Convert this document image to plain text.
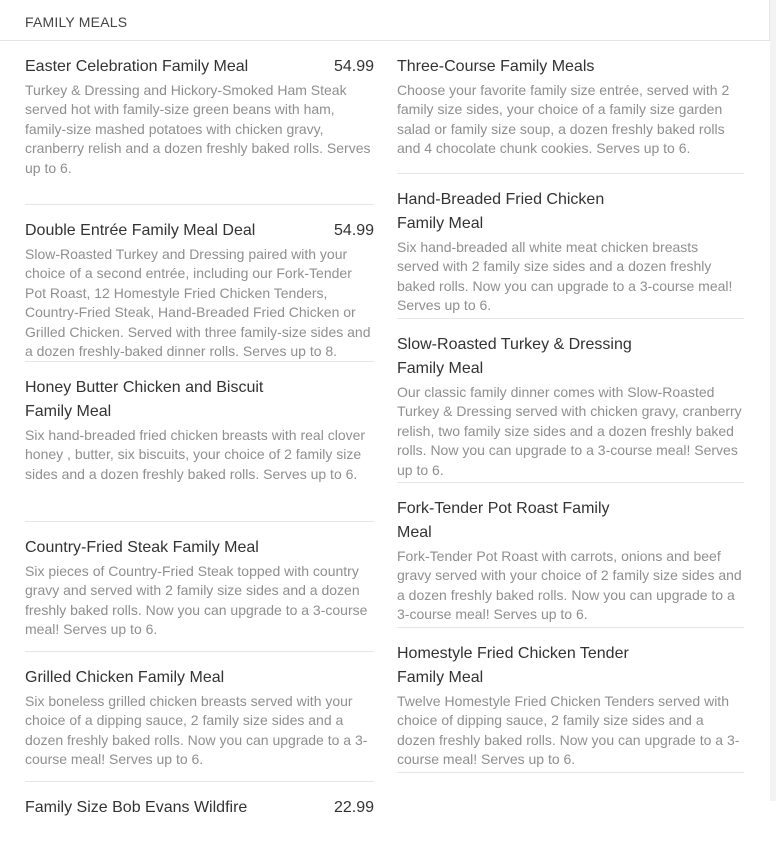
FAMILY MEALS
Easter Celebration Family Meal	54.99
Turkey & Dressing and Hickory-Smoked Ham Steak served hot with family-size green beans with ham, family-size mashed potatoes with chicken gravy, cranberry relish and a dozen freshly baked rolls. Serves up to 6.
Double Entrée Family Meal Deal	54.99
Slow-Roasted Turkey and Dressing paired with your choice of a second entrée, including our Fork-Tender Pot Roast, 12 Homestyle Fried Chicken Tenders, Country-Fried Steak, Hand-Breaded Fried Chicken or Grilled Chicken. Served with three family-size sides and a dozen freshly-baked dinner rolls. Serves up to 8.
Honey Butter Chicken and Biscuit Family Meal
Six hand-breaded fried chicken breasts with real clover honey , butter, six biscuits, your choice of 2 family size sides and a dozen freshly baked rolls. Serves up to 6.
Country-Fried Steak Family Meal
Six pieces of Country-Fried Steak topped with country gravy and served with 2 family size sides and a dozen freshly baked rolls. Now you can upgrade to a 3-course meal! Serves up to 6.
Grilled Chicken Family Meal
Six boneless grilled chicken breasts served with your choice of a dipping sauce, 2 family size sides and a dozen freshly baked rolls. Now you can upgrade to a 3-course meal! Serves up to 6.
Family Size Bob Evans Wildfire	22.99
Three-Course Family Meals
Choose your favorite family size entrée, served with 2 family size sides, your choice of a family size garden salad or family size soup, a dozen freshly baked rolls and 4 chocolate chunk cookies. Serves up to 6.
Hand-Breaded Fried Chicken Family Meal
Six hand-breaded all white meat chicken breasts served with 2 family size sides and a dozen freshly baked rolls. Now you can upgrade to a 3-course meal! Serves up to 6.
Slow-Roasted Turkey & Dressing Family Meal
Our classic family dinner comes with Slow-Roasted Turkey & Dressing served with chicken gravy, cranberry relish, two family size sides and a dozen freshly baked rolls. Now you can upgrade to a 3-course meal! Serves up to 6.
Fork-Tender Pot Roast Family Meal
Fork-Tender Pot Roast with carrots, onions and beef gravy served with your choice of 2 family size sides and a dozen freshly baked rolls. Now you can upgrade to a 3-course meal! Serves up to 6.
Homestyle Fried Chicken Tender Family Meal
Twelve Homestyle Fried Chicken Tenders served with choice of dipping sauce, 2 family size sides and a dozen freshly baked rolls. Now you can upgrade to a 3-course meal! Serves up to 6.
